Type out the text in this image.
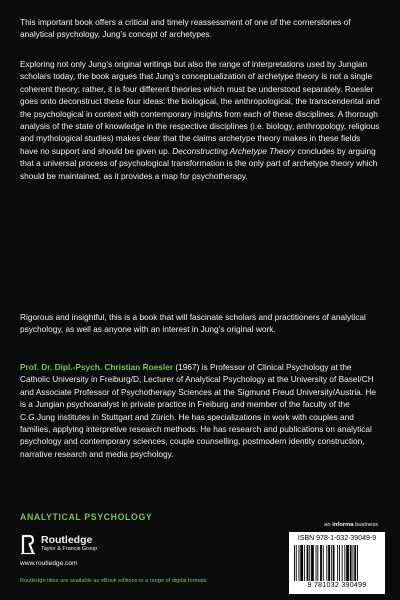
This important book offers a critical and timely reassessment of one of the cornerstones of analytical psychology, Jung’s concept of archetypes.

Exploring not only Jung’s original writings but also the range of interpretations used by Jungian scholars today, the book argues that Jung’s conceptualization of archetype theory is not a single coherent theory; rather, it is four different theories which must be understood separately. Roesler goes onto deconstruct these four ideas: the biological, the anthropological, the transcendental and the psychological in context with contemporary insights from each of these disciplines. A thorough analysis of the state of knowledge in the respective disciplines (i.e. biology, anthropology, religious and mythological studies) makes clear that the claims archetype theory makes in these fields have no support and should be given up. Deconstructing Archetype Theory concludes by arguing that a universal process of psychological transformation is the only part of archetype theory which should be maintained, as it provides a map for psychotherapy.

Rigorous and insightful, this is a book that will fascinate scholars and practitioners of analytical psychology, as well as anyone with an interest in Jung’s original work.

Prof. Dr. Dipl.-Psych. Christian Roesler (1967) is Professor of Clinical Psychology at the Catholic University in Freiburg/D, Lecturer of Analytical Psychology at the University of Basel/CH and Associate Professor of Psychotherapy Sciences at the Sigmund Freud University/Austria. He is a Jungian psychoanalyst in private practice in Freiburg and member of the faculty of the C.G.Jung institutes in Stuttgart and Zürich. He has specializations in work with couples and families, applying interpretive research methods. He has research and publications on analytical psychology and contemporary sciences, couple counselling, postmodern identity construction, narrative research and media psychology.

ANALYTICAL PSYCHOLOGY
Routledge
Taylor & Francis Group
www.routledge.com
Routledge titles are available as eBook editions in a range of digital formats
an informa business
ISBN 978-1-032-39049-9
9 781032 390499
